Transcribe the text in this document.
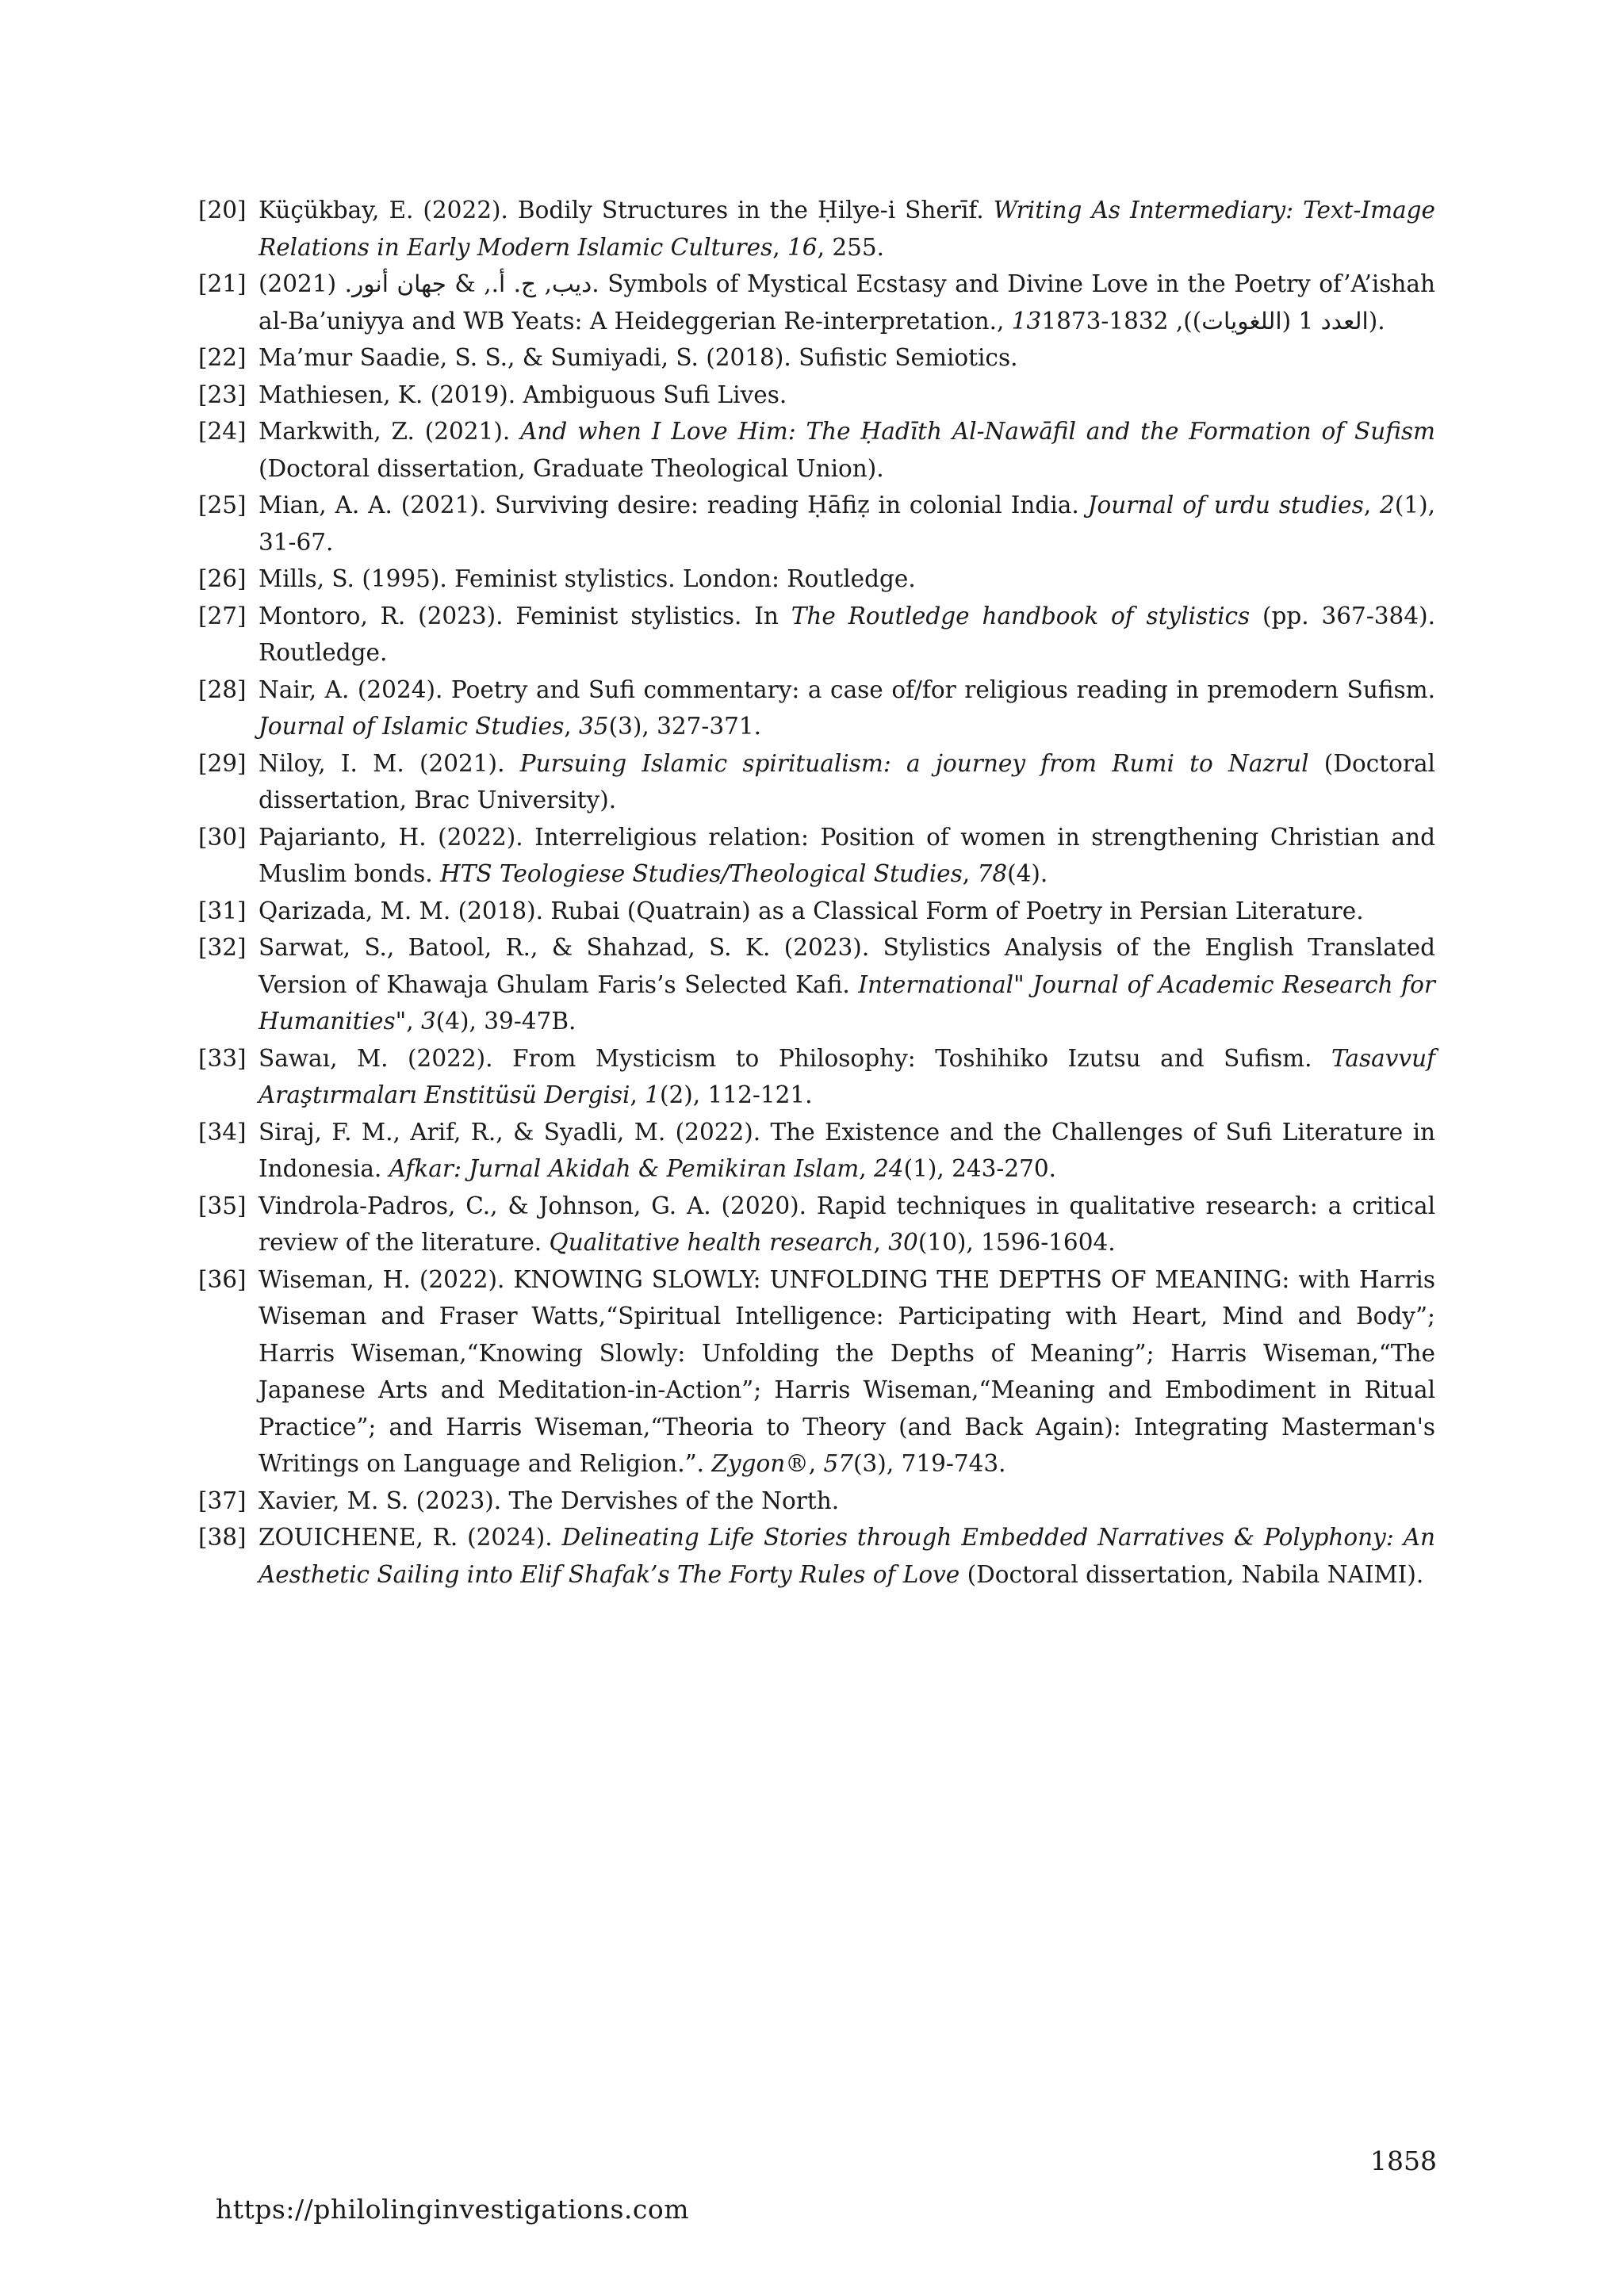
[20] Küçükbay, E. (2022). Bodily Structures in the Ḥilye-i Sherīf. Writing As Intermediary: Text-Image Relations in Early Modern Islamic Cultures, 16, 255.
[21] (2021) .ديب, ج. أ., & جهان أنور. Symbols of Mystical Ecstasy and Divine Love in the Poetry of’A’ishah al-Ba’uniyya and WB Yeats: A Heideggerian Re-interpretation., 131873-1832 ,(العدد 1 (اللغويات)).
[22] Ma’mur Saadie, S. S., & Sumiyadi, S. (2018). Sufistic Semiotics.
[23] Mathiesen, K. (2019). Ambiguous Sufi Lives.
[24] Markwith, Z. (2021). And when I Love Him: The Ḥadīth Al-Nawāfil and the Formation of Sufism (Doctoral dissertation, Graduate Theological Union).
[25] Mian, A. A. (2021). Surviving desire: reading Ḥāfiẓ in colonial India. Journal of urdu studies, 2(1), 31-67.
[26] Mills, S. (1995). Feminist stylistics. London: Routledge.
[27] Montoro, R. (2023). Feminist stylistics. In The Routledge handbook of stylistics (pp. 367-384). Routledge.
[28] Nair, A. (2024). Poetry and Sufi commentary: a case of/for religious reading in premodern Sufism. Journal of Islamic Studies, 35(3), 327-371.
[29] Niloy, I. M. (2021). Pursuing Islamic spiritualism: a journey from Rumi to Nazrul (Doctoral dissertation, Brac University).
[30] Pajarianto, H. (2022). Interreligious relation: Position of women in strengthening Christian and Muslim bonds. HTS Teologiese Studies/Theological Studies, 78(4).
[31] Qarizada, M. M. (2018). Rubai (Quatrain) as a Classical Form of Poetry in Persian Literature.
[32] Sarwat, S., Batool, R., & Shahzad, S. K. (2023). Stylistics Analysis of the English Translated Version of Khawaja Ghulam Faris’s Selected Kafi. International" Journal of Academic Research for Humanities", 3(4), 39-47B.
[33] Sawaı, M. (2022). From Mysticism to Philosophy: Toshihiko Izutsu and Sufism. Tasavvuf Araştırmaları Enstitüsü Dergisi, 1(2), 112-121.
[34] Siraj, F. M., Arif, R., & Syadli, M. (2022). The Existence and the Challenges of Sufi Literature in Indonesia. Afkar: Jurnal Akidah & Pemikiran Islam, 24(1), 243-270.
[35] Vindrola-Padros, C., & Johnson, G. A. (2020). Rapid techniques in qualitative research: a critical review of the literature. Qualitative health research, 30(10), 1596-1604.
[36] Wiseman, H. (2022). KNOWING SLOWLY: UNFOLDING THE DEPTHS OF MEANING: with Harris Wiseman and Fraser Watts,“Spiritual Intelligence: Participating with Heart, Mind and Body”; Harris Wiseman,“Knowing Slowly: Unfolding the Depths of Meaning”; Harris Wiseman,“The Japanese Arts and Meditation-in-Action”; Harris Wiseman,“Meaning and Embodiment in Ritual Practice”; and Harris Wiseman,“Theoria to Theory (and Back Again): Integrating Masterman's Writings on Language and Religion.”. Zygon®, 57(3), 719-743.
[37] Xavier, M. S. (2023). The Dervishes of the North.
[38] ZOUICHENE, R. (2024). Delineating Life Stories through Embedded Narratives & Polyphony: An Aesthetic Sailing into Elif Shafak’s The Forty Rules of Love (Doctoral dissertation, Nabila NAIMI).
1858
https://philolinginvestigations.com
